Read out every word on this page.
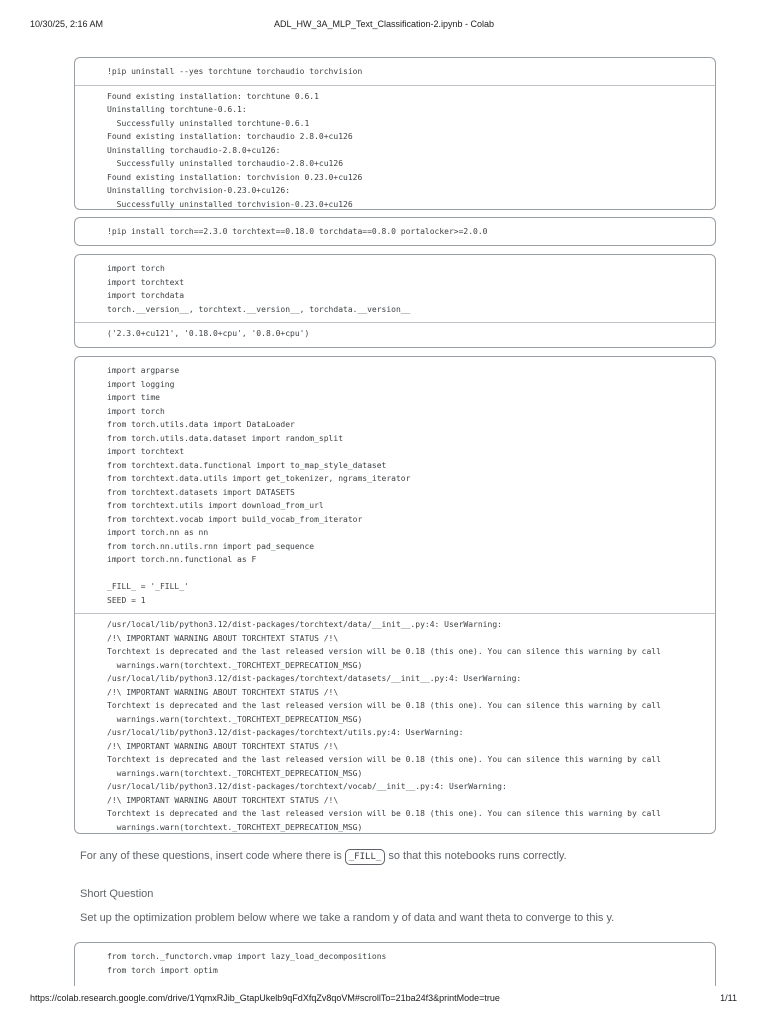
10/30/25, 2:16 AM	ADL_HW_3A_MLP_Text_Classification-2.ipynb - Colab
!pip uninstall --yes torchtune torchaudio torchvision
Found existing installation: torchtune 0.6.1
Uninstalling torchtune-0.6.1:
Successfully uninstalled torchtune-0.6.1
Found existing installation: torchaudio 2.8.0+cu126
Uninstalling torchaudio-2.8.0+cu126:
Successfully uninstalled torchaudio-2.8.0+cu126
Found existing installation: torchvision 0.23.0+cu126
Uninstalling torchvision-0.23.0+cu126:
Successfully uninstalled torchvision-0.23.0+cu126
!pip install torch==2.3.0 torchtext==0.18.0 torchdata==0.8.0 portalocker>=2.0.0
import torch
import torchtext
import torchdata
torch.__version__, torchtext.__version__, torchdata.__version__
('2.3.0+cu121', '0.18.0+cpu', '0.8.0+cpu')
import argparse
import logging
import time
import torch
from torch.utils.data import DataLoader
from torch.utils.data.dataset import random_split
import torchtext
from torchtext.data.functional import to_map_style_dataset
from torchtext.data.utils import get_tokenizer, ngrams_iterator
from torchtext.datasets import DATASETS
from torchtext.utils import download_from_url
from torchtext.vocab import build_vocab_from_iterator
import torch.nn as nn
from torch.nn.utils.rnn import pad_sequence
import torch.nn.functional as F

_FILL_ = '_FILL_'
SEED = 1
/usr/local/lib/python3.12/dist-packages/torchtext/data/__init__.py:4: UserWarning:
/!\ IMPORTANT WARNING ABOUT TORCHTEXT STATUS /!\
Torchtext is deprecated and the last released version will be 0.18 (this one). You can silence this warning by call
warnings.warn(torchtext._TORCHTEXT_DEPRECATION_MSG)
/usr/local/lib/python3.12/dist-packages/torchtext/datasets/__init__.py:4: UserWarning:
/!\ IMPORTANT WARNING ABOUT TORCHTEXT STATUS /!\
Torchtext is deprecated and the last released version will be 0.18 (this one). You can silence this warning by call
warnings.warn(torchtext._TORCHTEXT_DEPRECATION_MSG)
/usr/local/lib/python3.12/dist-packages/torchtext/utils.py:4: UserWarning:
/!\ IMPORTANT WARNING ABOUT TORCHTEXT STATUS /!\
Torchtext is deprecated and the last released version will be 0.18 (this one). You can silence this warning by call
warnings.warn(torchtext._TORCHTEXT_DEPRECATION_MSG)
/usr/local/lib/python3.12/dist-packages/torchtext/vocab/__init__.py:4: UserWarning:
/!\ IMPORTANT WARNING ABOUT TORCHTEXT STATUS /!\
Torchtext is deprecated and the last released version will be 0.18 (this one). You can silence this warning by call
warnings.warn(torchtext._TORCHTEXT_DEPRECATION_MSG)
For any of these questions, insert code where there is _FILL_ so that this notebooks runs correctly.
Short Question
Set up the optimization problem below where we take a random y of data and want theta to converge to this y.
from torch._functorch.vmap import lazy_load_decompositions
from torch import optim
https://colab.research.google.com/drive/1YqmxRJib_GtapUkelb9qFdXfqZv8qoVM#scrollTo=21ba24f3&printMode=true	1/11
